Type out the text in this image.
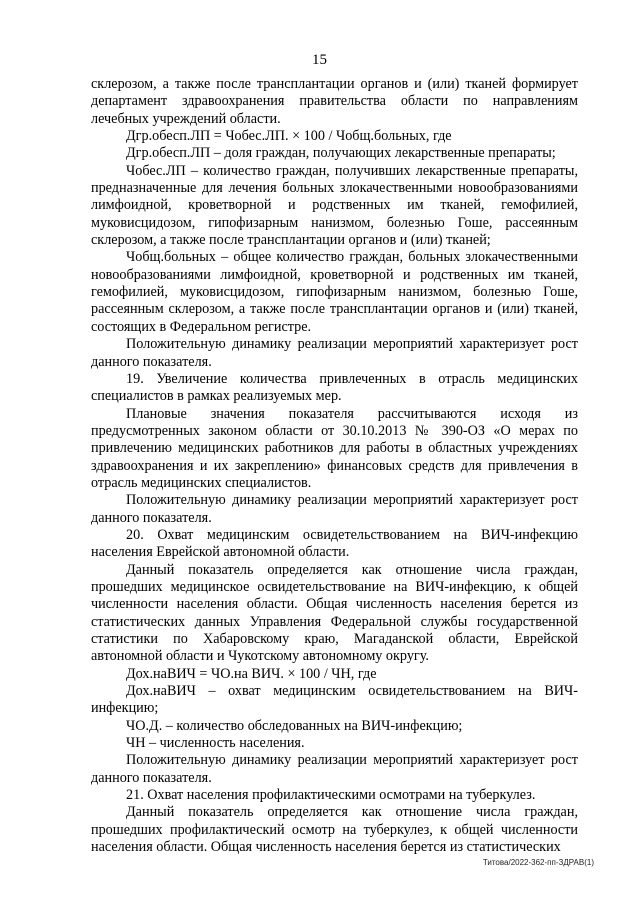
15

склерозом, а также после трансплантации органов и (или) тканей формирует департамент здравоохранения правительства области по направлениям лечебных учреждений области.

Дгр.обесп.ЛП = Чобес.ЛП. × 100 / Чобщ.больных, где

Дгр.обесп.ЛП – доля граждан, получающих лекарственные препараты;

Чобес.ЛП – количество граждан, получивших лекарственные препараты, предназначенные для лечения больных злокачественными новообразованиями лимфоидной, кроветворной и родственных им тканей, гемофилией, муковисцидозом, гипофизарным нанизмом, болезнью Гоше, рассеянным склерозом, а также после трансплантации органов и (или) тканей;

Чобщ.больных – общее количество граждан, больных злокачественными новообразованиями лимфоидной, кроветворной и родственных им тканей, гемофилией, муковисцидозом, гипофизарным нанизмом, болезнью Гоше, рассеянным склерозом, а также после трансплантации органов и (или) тканей, состоящих в Федеральном регистре.

Положительную динамику реализации мероприятий характеризует рост данного показателя.

19. Увеличение количества привлеченных в отрасль медицинских специалистов в рамках реализуемых мер.

Плановые значения показателя рассчитываются исходя из предусмотренных законом области от 30.10.2013 № 390-ОЗ «О мерах по привлечению медицинских работников для работы в областных учреждениях здравоохранения и их закреплению» финансовых средств для привлечения в отрасль медицинских специалистов.

Положительную динамику реализации мероприятий характеризует рост данного показателя.

20. Охват медицинским освидетельствованием на ВИЧ-инфекцию населения Еврейской автономной области.

Данный показатель определяется как отношение числа граждан, прошедших медицинское освидетельствование на ВИЧ-инфекцию, к общей численности населения области. Общая численность населения берется из статистических данных Управления Федеральной службы государственной статистики по Хабаровскому краю, Магаданской области, Еврейской автономной области и Чукотскому автономному округу.

Дох.наВИЧ = ЧО.на ВИЧ. × 100 / ЧН, где

Дох.наВИЧ – охват медицинским освидетельствованием на ВИЧ-инфекцию;

ЧО.Д. – количество обследованных на ВИЧ-инфекцию;

ЧН – численность населения.

Положительную динамику реализации мероприятий характеризует рост данного показателя.

21. Охват населения профилактическими осмотрами на туберкулез.

Данный показатель определяется как отношение числа граждан, прошедших профилактический осмотр на туберкулез, к общей численности населения области. Общая численность населения берется из статистических

Титова/2022-362-пп-ЗДРАВ(1)
